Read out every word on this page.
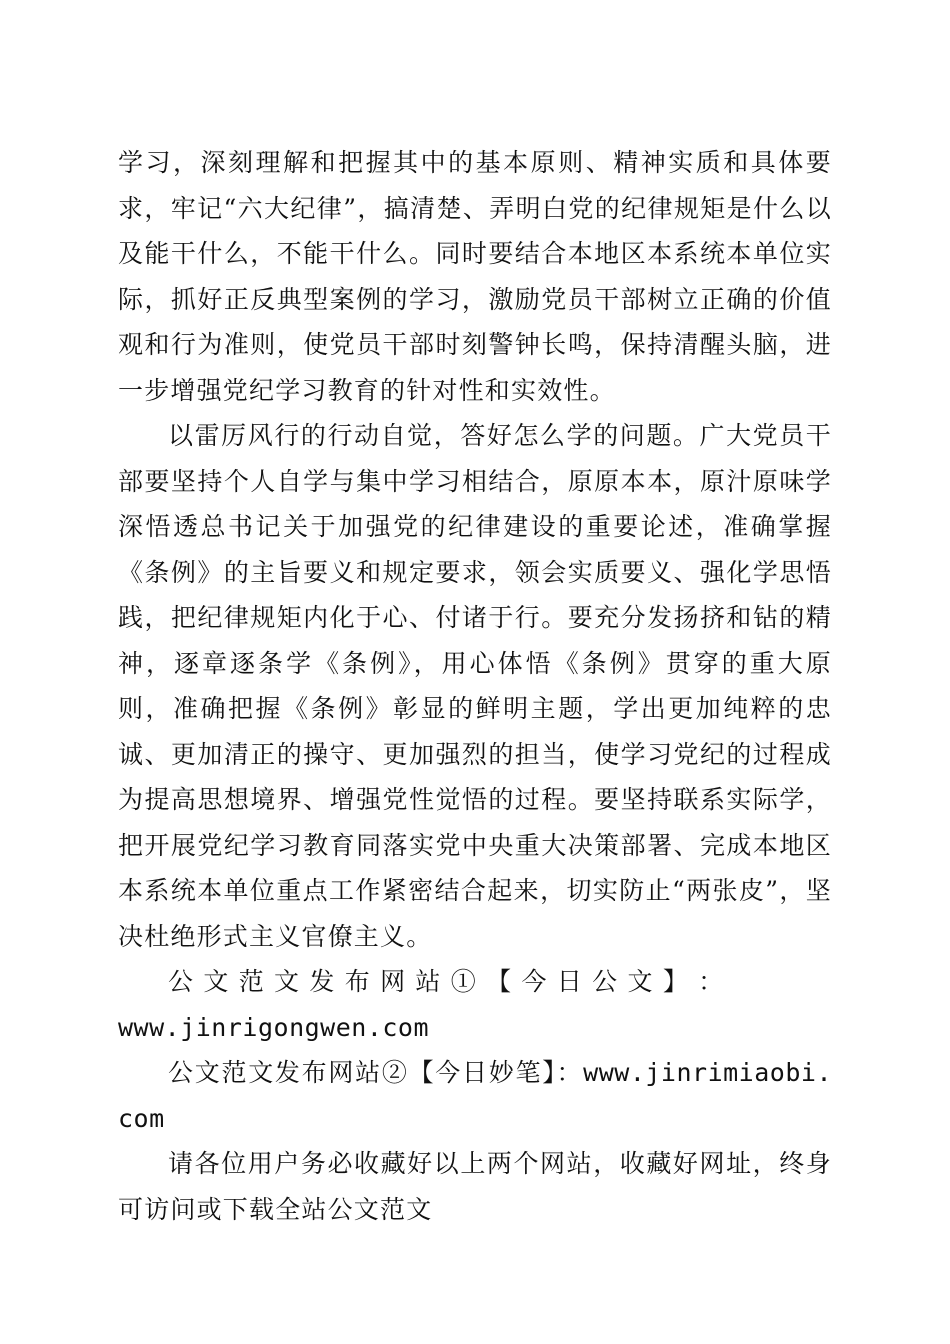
学习，深刻理解和把握其中的基本原则、精神实质和具体要求，牢记“六大纪律”，搞清楚、弄明白党的纪律规矩是什么以及能干什么，不能干什么。同时要结合本地区本系统本单位实际，抓好正反典型案例的学习，激励党员干部树立正确的价值观和行为准则，使党员干部时刻警钟长鸣，保持清醒头脑，进一步增强党纪学习教育的针对性和实效性。

以雷厉风行的行动自觉，答好怎么学的问题。广大党员干部要坚持个人自学与集中学习相结合，原原本本，原汁原味学深悟透总书记关于加强党的纪律建设的重要论述，准确掌握《条例》的主旨要义和规定要求，领会实质要义、强化学思悟践，把纪律规矩内化于心、付诸于行。要充分发扬挤和钻的精神，逐章逐条学《条例》，用心体悟《条例》贯穿的重大原则，准确把握《条例》彰显的鲜明主题，学出更加纯粹的忠诚、更加清正的操守、更加强烈的担当，使学习党纪的过程成为提高思想境界、增强党性觉悟的过程。要坚持联系实际学，把开展党纪学习教育同落实党中央重大决策部署、完成本地区本系统本单位重点工作紧密结合起来，切实防止“两张皮”，坚决杜绝形式主义官僚主义。

公 文 范 文 发 布 网 站 ① 【 今 日 公 文 】 ：

www.jinrigongwen.com

公文范文发布网站②【今日妙笔】：www.jinrimiaobi.com

请各位用户务必收藏好以上两个网站，收藏好网址，终身可访问或下载全站公文范文
